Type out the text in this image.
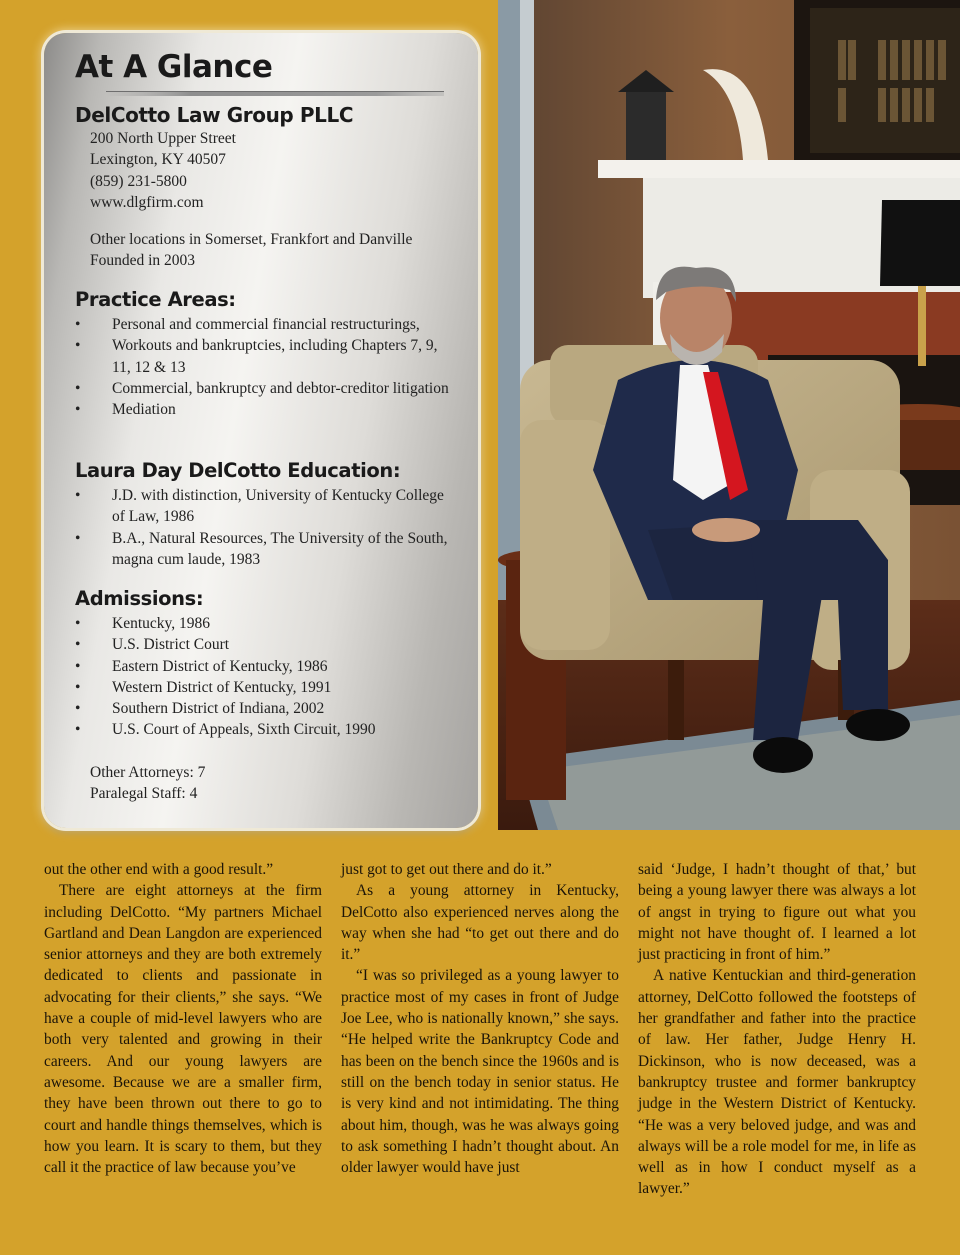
At A Glance
DelCotto Law Group PLLC
200 North Upper Street
Lexington, KY 40507
(859) 231-5800
www.dlgfirm.com
Other locations in Somerset, Frankfort and Danville
Founded in 2003
Practice Areas:
• Personal and commercial financial restructurings,
• Workouts and bankruptcies, including Chapters 7, 9, 11, 12 & 13
• Commercial, bankruptcy and debtor-creditor litigation
• Mediation
Laura Day DelCotto Education:
• J.D. with distinction, University of Kentucky College of Law, 1986
• B.A., Natural Resources, The University of the South, magna cum laude, 1983
Admissions:
• Kentucky, 1986
• U.S. District Court
• Eastern District of Kentucky, 1986
• Western District of Kentucky, 1991
• Southern District of Indiana, 2002
• U.S. Court of Appeals, Sixth Circuit, 1990
Other Attorneys: 7
Paralegal Staff: 4

out the other end with a good result.”

There are eight attorneys at the firm including DelCotto. “My partners Michael Gartland and Dean Langdon are experienced senior attorneys and they are both extremely dedicated to clients and passionate in advocating for their clients,” she says. “We have a couple of mid-level lawyers who are both very talented and growing in their careers. And our young lawyers are awesome. Because we are a smaller firm, they have been thrown out there to go to court and handle things themselves, which is how you learn. It is scary to them, but they call it the practice of law because you’ve

just got to get out there and do it.”

As a young attorney in Kentucky, DelCotto also experienced nerves along the way when she had “to get out there and do it.”

“I was so privileged as a young lawyer to practice most of my cases in front of Judge Joe Lee, who is nationally known,” she says. “He helped write the Bankruptcy Code and has been on the bench since the 1960s and is still on the bench today in senior status. He is very kind and not intimidating. The thing about him, though, was he was always going to ask something I hadn’t thought about. An older lawyer would have just

said ‘Judge, I hadn’t thought of that,’ but being a young lawyer there was always a lot of angst in trying to figure out what you might not have thought of. I learned a lot just practicing in front of him.”

A native Kentuckian and third-generation attorney, DelCotto followed the footsteps of her grandfather and father into the practice of law. Her father, Judge Henry H. Dickinson, who is now deceased, was a bankruptcy trustee and former bankruptcy judge in the Western District of Kentucky. “He was a very beloved judge, and was and always will be a role model for me, in life as well as in how I conduct myself as a lawyer.”
